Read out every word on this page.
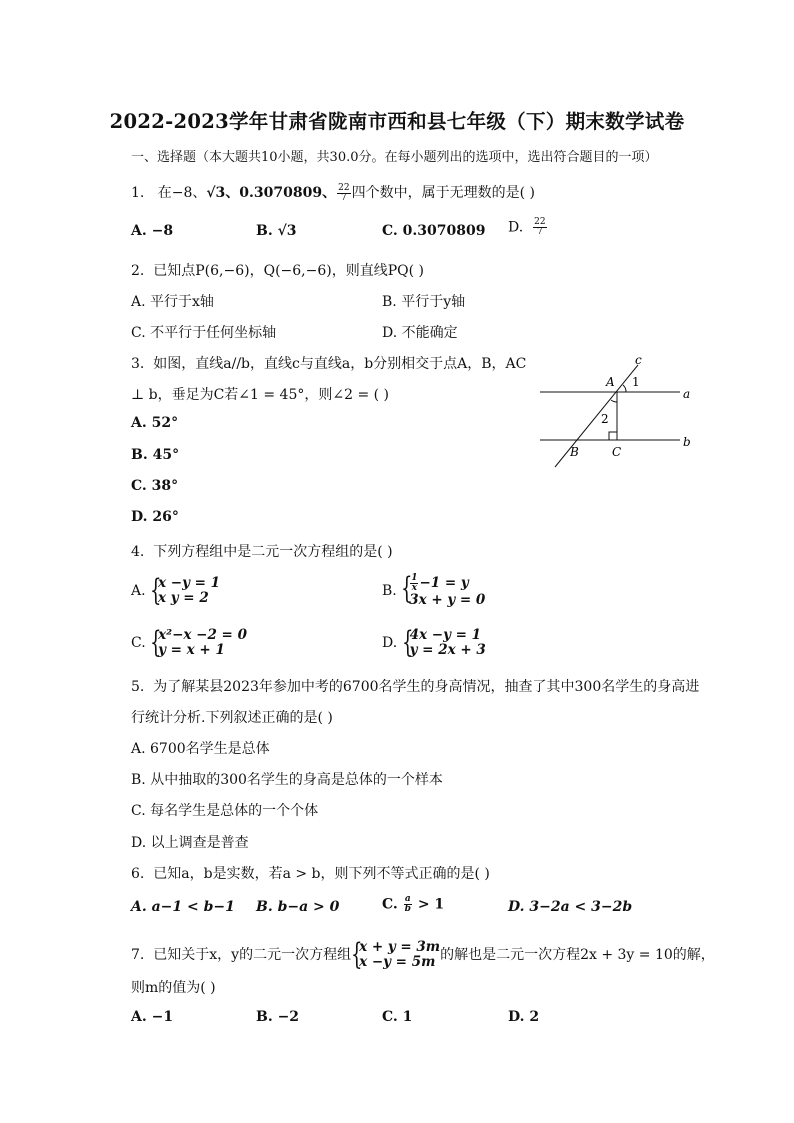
2022-2023学年甘肃省陇南市西和县七年级（下）期末数学试卷
一、选择题（本大题共10小题，共30.0分。在每小题列出的选项中，选出符合题目的一项）
1. 在−8、√3、0.3070809、 $\frac{22}{7}$ 四个数中，属于无理数的是( )
A. −8	B. √3	C. 0.3070809 D. $\frac{22}{7}$
2. 已知点P(6,−6)，Q(−6,−6)，则直线PQ( )
A. 平行于x轴	B. 平行于y轴
C. 不平行于任何坐标轴	D. 不能确定
3. 如图，直线a//b，直线c与直线a，b分别相交于点A，B，AC
⊥ b，垂足为C若∠1 = 45°，则∠2 = ( )
A. 52°
B. 45°
C. 38°
D. 26°
c
A 1
a
2
b
B	C
4. 下列方程组中是二元一次方程组的是( )
A. {
x −y = 1
x y = 2	B. {
$\frac{1}{x} -1 = y$
3x + y = 0
C. {
x²−x −2 = 0
y = x + 1	D. {
4x −y = 1
y = 2x + 3
5. 为了解某县2023年参加中考的6700名学生的身高情况，抽查了其中300名学生的身高进
行统计分析.下列叙述正确的是( )
A. 6700名学生是总体
B. 从中抽取的300名学生的身高是总体的一个样本
C. 每名学生是总体的一个个体
D. 以上调查是普查
6. 已知a，b是实数，若a > b，则下列不等式正确的是( )
A. a−1 < b−1 B. b−a > 0	C. $\frac{a}{b} > 1$	D. 3−2a < 3−2b
7. 已知关于x，y的二元一次方程组 {
x + y = 3m
x −y = 5m 的解也是二元一次方程2x + 3y = 10的解，
则m的值为( )
A. −1	B. −2	C. 1	D. 2
